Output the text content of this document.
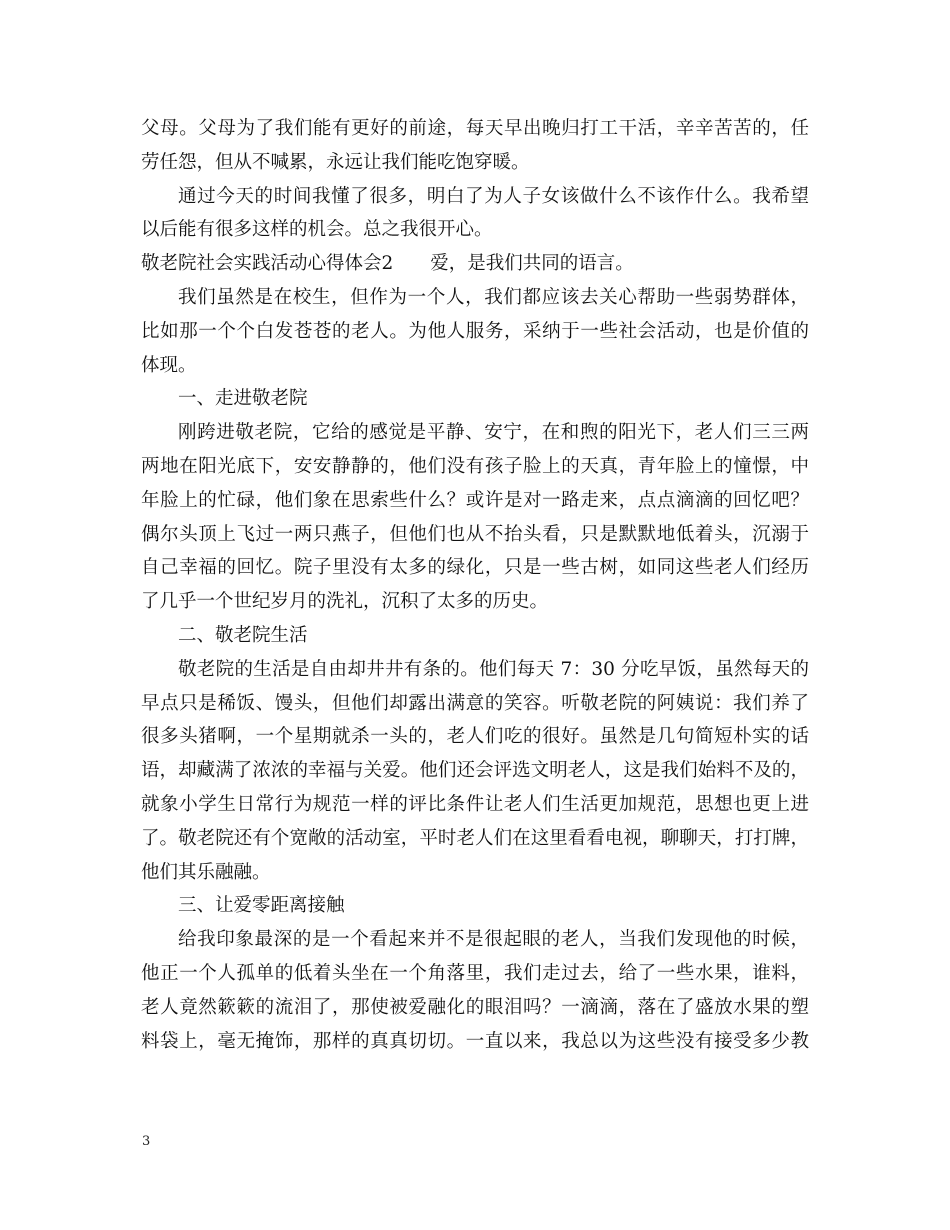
父母。父母为了我们能有更好的前途，每天早出晚归打工干活，辛辛苦苦的，任
劳任怨，但从不喊累，永远让我们能吃饱穿暖。
通过今天的时间我懂了很多，明白了为人子女该做什么不该作什么。我希望
以后能有很多这样的机会。总之我很开心。
敬老院社会实践活动心得体会2　　爱，是我们共同的语言。
我们虽然是在校生，但作为一个人，我们都应该去关心帮助一些弱势群体，
比如那一个个白发苍苍的老人。为他人服务，采纳于一些社会活动，也是价值的
体现。
一、走进敬老院
刚跨进敬老院，它给的感觉是平静、安宁，在和煦的阳光下，老人们三三两
两地在阳光底下，安安静静的，他们没有孩子脸上的天真，青年脸上的憧憬，中
年脸上的忙碌，他们象在思索些什么？或许是对一路走来，点点滴滴的回忆吧？
偶尔头顶上飞过一两只燕子，但他们也从不抬头看，只是默默地低着头，沉溺于
自己幸福的回忆。院子里没有太多的绿化，只是一些古树，如同这些老人们经历
了几乎一个世纪岁月的洗礼，沉积了太多的历史。
二、敬老院生活
敬老院的生活是自由却井井有条的。他们每天 7：30 分吃早饭，虽然每天的
早点只是稀饭、馒头，但他们却露出满意的笑容。听敬老院的阿姨说：我们养了
很多头猪啊，一个星期就杀一头的，老人们吃的很好。虽然是几句简短朴实的话
语，却藏满了浓浓的幸福与关爱。他们还会评选文明老人，这是我们始料不及的，
就象小学生日常行为规范一样的评比条件让老人们生活更加规范，思想也更上进
了。敬老院还有个宽敞的活动室，平时老人们在这里看看电视，聊聊天，打打牌，
他们其乐融融。
三、让爱零距离接触
给我印象最深的是一个看起来并不是很起眼的老人，当我们发现他的时候，
他正一个人孤单的低着头坐在一个角落里，我们走过去，给了一些水果，谁料，
老人竟然簌簌的流泪了，那使被爱融化的眼泪吗？一滴滴，落在了盛放水果的塑
料袋上，毫无掩饰，那样的真真切切。一直以来，我总以为这些没有接受多少教
3
